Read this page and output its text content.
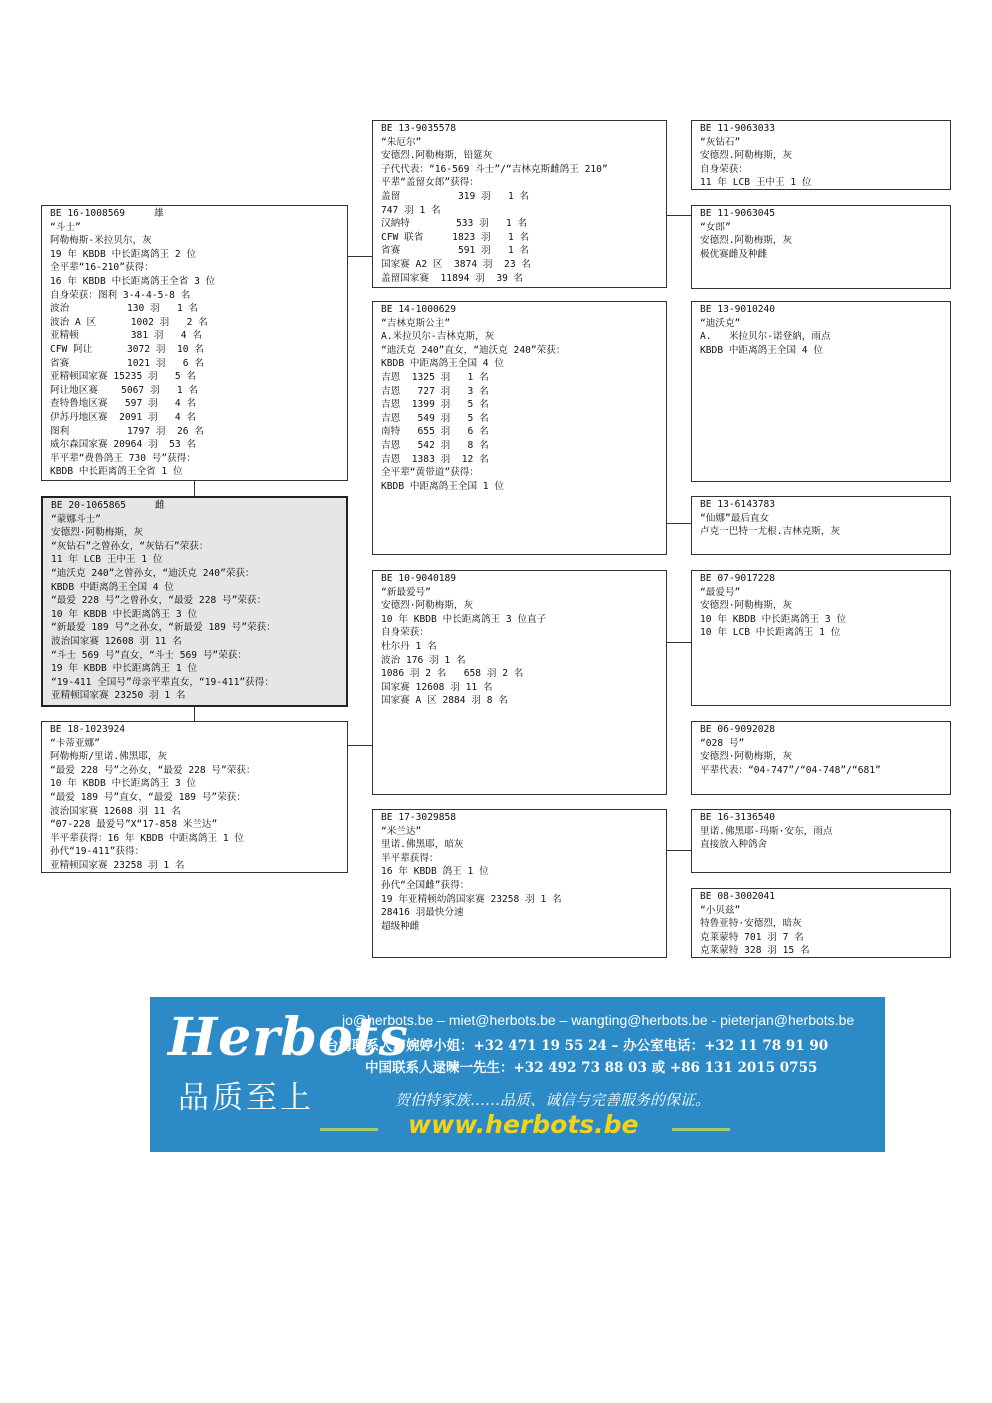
BE 16-1008569     雄
“斗士”
阿勒梅斯-米拉贝尔，灰
19 年 KBDB 中长距离鸽王 2 位
全平辈“16-210”获得：
16 年 KBDB 中长距离鸽王全省 3 位
自身荣获：图利 3-4-4-5-8 名
波治          130 羽   1 名
波治 A 区      1002 羽   2 名
亚精顿         381 羽   4 名
CFW 阿让      3072 羽  10 名
省赛          1021 羽   6 名
亚精顿国家赛 15235 羽   5 名
阿让地区赛    5067 羽   1 名
查特鲁地区赛   597 羽   4 名
伊苏丹地区赛  2091 羽   4 名
图利          1797 羽  26 名
威尔森国家赛 20964 羽  53 名
半平辈“费鲁鸽王 730 号”获得：
KBDB 中长距离鸽王全省 1 位
BE 20-1065865     雌
“蒙娜斗士”
安德烈·阿勒梅斯，灰
“灰钻石”之曾孙女，“灰钻石”荣获：
11 年 LCB 王中王 1 位
“迪沃克 240”之曾孙女，“迪沃克 240”荣获：
KBDB 中距离鸽王全国 4 位
“最爱 228 号”之曾孙女，“最爱 228 号”荣获：
10 年 KBDB 中长距离鸽王 3 位
“新最爱 189 号”之孙女，“新最爱 189 号”荣获：
波治国家赛 12608 羽 11 名
“斗士 569 号”直女，“斗士 569 号”荣获：
19 年 KBDB 中长距离鸽王 1 位
“19-411 全国号”母亲平辈直女，“19-411”获得：
亚精顿国家赛 23250 羽 1 名
BE 18-1023924
“卡蒂亚娜”
阿勒梅斯/里诺.佛黑耶，灰
“最爱 228 号”之孙女，“最爱 228 号”荣获：
10 年 KBDB 中长距离鸽王 3 位
“最爱 189 号”直女，“最爱 189 号”荣获：
波治国家赛 12608 羽 11 名
“07-228 最爱号”X“17-858 米兰达”
半平辈获得：16 年 KBDB 中距离鸽王 1 位
孙代“19-411”获得：
亚精顿国家赛 23258 羽 1 名
BE 13-9035578
“朱厄尔”
安德烈.阿勒梅斯，铅筵灰
子代代表：“16-569 斗士”/“吉林克斯雌鸽王 210”
平辈“盖留女郎”获得：
盖留          319 羽   1 名
747 羽 1 名
汉納特        533 羽   1 名
CFW 联省     1823 羽   1 名
省赛          591 羽   1 名
国家赛 A2 区  3874 羽  23 名
盖留国家赛  11894 羽  39 名
BE 14-1000629
“吉林克斯公主”
A.米拉贝尔-吉林克斯，灰
“迪沃克 240”直女，“迪沃克 240”荣获：
KBDB 中距离鸽王全国 4 位
吉恩  1325 羽   1 名
吉恩   727 羽   3 名
吉恩  1399 羽   5 名
吉恩   549 羽   5 名
南特   655 羽   6 名
吉恩   542 羽   8 名
吉恩  1383 羽  12 名
全平辈“黄带道”获得：
KBDB 中距离鸽王全国 1 位
BE 10-9040189
“新最爱号”
安德烈·阿勒梅斯，灰
10 年 KBDB 中长距离鸽王 3 位直子
自身荣获：
杜尔丹 1 名
波治 176 羽 1 名
1086 羽 2 名   658 羽 2 名
国家赛 12608 羽 11 名
国家赛 A 区 2884 羽 8 名
BE 17-3029858
“米兰达”
里诺.佛黑耶，暗灰
半平辈获得：
16 年 KBDB 鸽王 1 位
孙代“全国雌”获得：
19 年亚精顿幼鸽国家赛 23258 羽 1 名
28416 羽最快分速
超级种雌
BE 11-9063033
“灰钻石”
安德烈.阿勒梅斯，灰
自身荣获：
11 年 LCB 王中王 1 位
BE 11-9063045
“女郎”
安德烈.阿勒梅斯，灰
极优赛雌及种雌
BE 13-9010240
“迪沃克”
A.   米拉贝尔-诺登納，雨点
KBDB 中距离鸽王全国 4 位
BE 13-6143783
“仙娜”最后直女
卢克一巴特一尤根.吉林克斯，灰
BE 07-9017228
“最爱号”
安德烈·阿勒梅斯，灰
10 年 KBDB 中长距离鸽王 3 位
10 年 LCB 中长距离鸽王 1 位
BE 06-9092028
“028 号”
安德烈·阿勒梅斯，灰
平辈代表：“04-747”/“04-748”/“681”
BE 16-3136540
里诺.佛黑耶-玛斯·安东，雨点
直接放入种鸽舍
BE 08-3002041
“小贝兹”
特鲁亚特·安德烈，暗灰
克莱蒙特 701 羽 7 名
克莱蒙特 328 羽 15 名
Herbots
品质至上
jo@herbots.be – miet@herbots.be – wangting@herbots.be - pieterjan@herbots.be
台湾联系人卢婉婷小姐：+32 471 19 55 24 – 办公室电话：+32 11 78 91 90
中国联系人逯暕一先生：+32 492 73 88 03 或 +86 131 2015 0755
贺伯特家族……品质、诚信与完善服务的保证。
www.herbots.be
